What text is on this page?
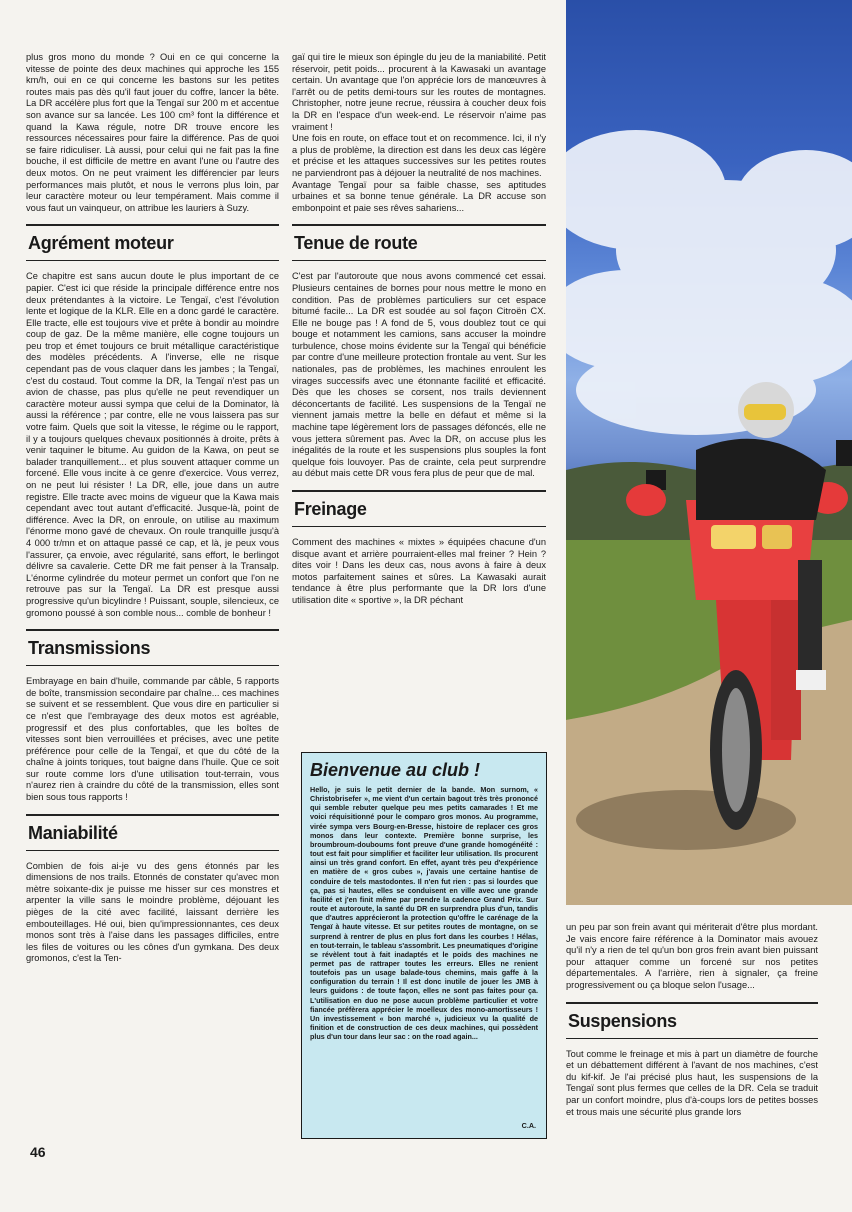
plus gros mono du monde ? Oui en ce qui concerne la vitesse de pointe des deux machines qui approche les 155 km/h, oui en ce qui concerne les bastons sur les petites routes mais pas dès qu'il faut jouer du coffre, lancer la bête. La DR accélère plus fort que la Tengaï sur 200 m et accentue son avance sur sa lancée. Les 100 cm³ font la différence et quand la Kawa régule, notre DR trouve encore les ressources nécessaires pour faire la différence. Pas de quoi se faire ridiculiser. Là aussi, pour celui qui ne fait pas la fine bouche, il est difficile de mettre en avant l'une ou l'autre des deux motos. On ne peut vraiment les différencier par leurs performances mais plutôt, et nous le verrons plus loin, par leur caractère moteur ou leur tempérament. Mais comme il vous faut un vainqueur, on attribue les lauriers à Suzy.

Agrément moteur

Ce chapitre est sans aucun doute le plus important de ce papier. C'est ici que réside la principale différence entre nos deux prétendantes à la victoire. Le Tengaï, c'est l'évolution lente et logique de la KLR. Elle en a donc gardé le caractère. Elle tracte, elle est toujours vive et prête à bondir au moindre coup de gaz. De la même manière, elle cogne toujours un peu trop et émet toujours ce bruit métallique caractéristique des modèles précédents. A l'inverse, elle ne risque cependant pas de vous claquer dans les jambes ; la Tengaï, c'est du costaud. Tout comme la DR, la Tengaï n'est pas un avion de chasse, pas plus qu'elle ne peut revendiquer un caractère moteur aussi sympa que celui de la Dominator, là aussi la référence ; par contre, elle ne vous laissera pas sur votre faim. Quels que soit la vitesse, le régime ou le rapport, il y a toujours quelques chevaux positionnés à droite, prêts à venir taquiner le bitume. Au guidon de la Kawa, on peut se balader tranquillement... et plus souvent attaquer comme un forcené. Elle vous incite à ce genre d'exercice. Vous verrez, on ne peut lui résister ! La DR, elle, joue dans un autre registre. Elle tracte avec moins de vigueur que la Kawa mais cependant avec tout autant d'efficacité. Jusque-là, point de différence. Avec la DR, on enroule, on utilise au maximum l'énorme mono gavé de chevaux. On roule tranquille jusqu'à 4 000 tr/mn et on attaque passé ce cap, et là, je peux vous l'assurer, ça envoie, avec régularité, sans effort, le berlingot délivre sa cavalerie. Cette DR me fait penser à la Transalp. L'énorme cylindrée du moteur permet un confort que l'on ne retrouve pas sur la Tengaï. La DR est presque aussi progressive qu'un bicylindre ! Puissant, souple, silencieux, ce gromono poussé à son comble nous... comble de bonheur !

Transmissions

Embrayage en bain d'huile, commande par câble, 5 rapports de boîte, transmission secondaire par chaîne... ces machines se suivent et se ressemblent. Que vous dire en particulier si ce n'est que l'embrayage des deux motos est agréable, progressif et des plus confortables, que les boîtes de vitesses sont bien verrouillées et précises, avec une petite préférence pour celle de la Tengaï, et que du côté de la chaîne à joints toriques, tout baigne dans l'huile. Que ce soit sur route comme lors d'une utilisation tout-terrain, vous n'aurez rien à craindre du côté de la transmission, elles sont bien sous tous rapports !

Maniabilité

Combien de fois ai-je vu des gens étonnés par les dimensions de nos trails. Etonnés de constater qu'avec mon mètre soixante-dix je puisse me hisser sur ces monstres et arpenter la ville sans le moindre problème, déjouant les pièges de la cité avec facilité, laissant derrière les embouteillages. Hé oui, bien qu'impressionnantes, ces deux monos sont très à l'aise dans les passages difficiles, entre les files de voitures ou les cônes d'un gymkana. Des deux gromonos, c'est la Ten-

gaï qui tire le mieux son épingle du jeu de la maniabilité. Petit réservoir, petit poids... procurent à la Kawasaki un avantage certain. Un avantage que l'on apprécie lors de manœuvres à l'arrêt ou de petits demi-tours sur les routes de montagnes. Christopher, notre jeune recrue, réussira à coucher deux fois la DR en l'espace d'un week-end. Le réservoir n'aime pas vraiment !

Une fois en route, on efface tout et on recommence. Ici, il n'y a plus de problème, la direction est dans les deux cas légère et précise et les attaques successives sur les petites routes ne parviendront pas à déjouer la neutralité de nos machines.

Avantage Tengaï pour sa faible chasse, ses aptitudes urbaines et sa bonne tenue générale. La DR accuse son embonpoint et paie ses rêves sahariens...

Tenue de route

C'est par l'autoroute que nous avons commencé cet essai. Plusieurs centaines de bornes pour nous mettre le mono en condition. Pas de problèmes particuliers sur cet espace bitumé facile... La DR est soudée au sol façon Citroën CX. Elle ne bouge pas ! A fond de 5, vous doublez tout ce qui bouge et notamment les camions, sans accuser la moindre turbulence, chose moins évidente sur la Tengaï qui bénéficie par contre d'une meilleure protection frontale au vent. Sur les nationales, pas de problèmes, les machines enroulent les virages successifs avec une étonnante facilité et efficacité. Dès que les choses se corsent, nos trails deviennent déconcertants de facilité. Les suspensions de la Tengaï ne viennent jamais mettre la belle en défaut et même si la machine tape légèrement lors de passages défoncés, elle ne vous jettera sûrement pas. Avec la DR, on accuse plus les inégalités de la route et les suspensions plus souples la font quelque fois louvoyer. Pas de crainte, cela peut surprendre au début mais cette DR vous fera plus de peur que de mal.

Freinage

Comment des machines « mixtes » équipées chacune d'un disque avant et arrière pourraient-elles mal freiner ? Hein ? dites voir ! Dans les deux cas, nous avons à faire à deux motos parfaitement saines et sûres. La Kawasaki aurait tendance à être plus performante que la DR lors d'une utilisation dite « sportive », la DR péchant

Bienvenue au club !
Hello, je suis le petit dernier de la bande. Mon surnom, « Christobrisefer », me vient d'un certain bagout très très prononcé qui semble rebuter quelque peu mes petits camarades ! Et me voici réquisitionné pour le comparo gros monos. Au programme, virée sympa vers Bourg-en-Bresse, histoire de replacer ces gros monos dans leur contexte. Première bonne surprise, les broumbroum-douboums font preuve d'une grande homogénéité : tout est fait pour simplifier et faciliter leur utilisation. Ils procurent ainsi un très grand confort. En effet, ayant très peu d'expérience en matière de « gros cubes », j'avais une certaine hantise de conduire de tels mastodontes. Il n'en fut rien : pas si lourdes que ça, pas si hautes, elles se conduisent en ville avec une grande facilité et j'en finit même par prendre la cadence Grand Prix. Sur route et autoroute, la santé du DR en surprendra plus d'un, tandis que d'autres apprécieront la protection qu'offre le carénage de la Tengaï à haute vitesse. Et sur petites routes de montagne, on se surprend à rentrer de plus en plus fort dans les courbes ! Hélas, en tout-terrain, le tableau s'assombrit. Les pneumatiques d'origine se révèlent tout à fait inadaptés et le poids des machines ne permet pas de rattraper toutes les erreurs. Elles ne renient toutefois pas un usage balade-tous chemins, mais gaffe à la configuration du terrain ! Il est donc inutile de jouer les JMB à leurs guidons : de toute façon, elles ne sont pas faites pour ça. L'utilisation en duo ne pose aucun problème particulier et votre fiancée préfèrera apprécier le moelleux des mono-amortisseurs ! Un investissement « bon marché », judicieux vu la qualité de finition et de construction de ces deux machines, qui possèdent plus d'un tour dans leur sac : on the road again...
C.A.

un peu par son frein avant qui mériterait d'être plus mordant. Je vais encore faire référence à la Dominator mais avouez qu'il n'y a rien de tel qu'un bon gros frein avant bien puissant pour attaquer comme un forcené sur nos petites départementales. A l'arrière, rien à signaler, ça freine progressivement ou ça bloque selon l'usage...

Suspensions

Tout comme le freinage et mis à part un diamètre de fourche et un débattement différent à l'avant de nos machines, c'est du kif-kif. Je l'ai précisé plus haut, les suspensions de la Tengaï sont plus fermes que celles de la DR. Cela se traduit par un confort moindre, plus d'à-coups lors de petites bosses et trous mais une sécurité plus grande lors

46
